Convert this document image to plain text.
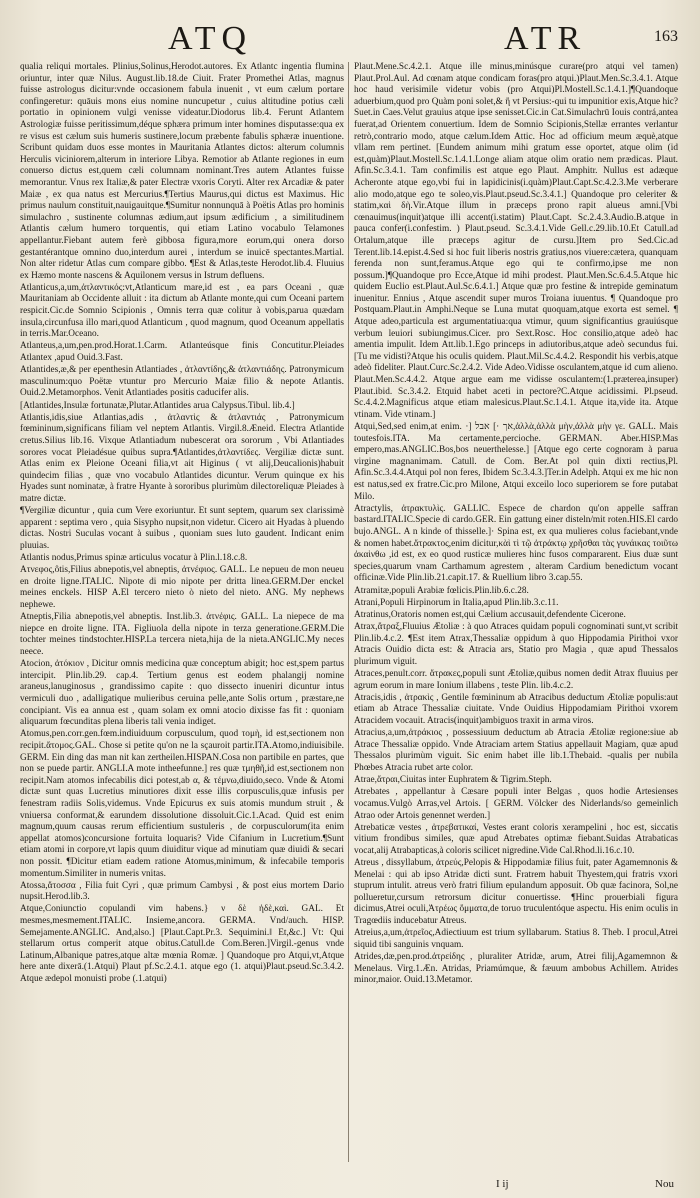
ATQ	ATR	163

qualia reliqui mortales. Plinius,Solinus,Herodot.autores. Ex Atlantc ingentia flumina oriuntur, inter quæ Nilus. August.lib.18.de Ciuit. Frater Promethei Atlas, magnus fuisse astrologus dicitur:vnde occasionem fabula inuenit , vt eum cælum portare confingeretur: quāuis mons eius nomine nuncupetur , cuius altitudine potius cæli portatio in opinionem vulgi venisse videatur.Diodorus lib.4. Ferunt Atlantem Astrologiæ fuisse peritissimum,déque sphæra primum inter homines disputasse:qua ex re visus est cælum suis humeris sustinere,locum præbente fabulis sphæræ inuentione. Scribunt quidam duos esse montes in Mauritania Atlantes dictos: alterum columnis Herculis viciniorem,alterum in interiore Libya. Remotior ab Atlante regiones in eum conuerso dictus est,quem cæli columnam nominant.Tres autem Atlantes fuisse memorantur. Vnus rex Italiæ,& pater Electræ vxoris Coryti. Alter rex Arcadiæ & pater Maiæ , ex qua natus est Mercurius.¶Tertius Maurus,qui dictus est Maximus. Hic primus naulum constituit,nauigauitque.¶Sumitur nonnunquā à Poëtis Atlas pro hominis simulachro , sustinente columnas ædium,aut ipsum ædificium , a similitudinem Atlantis cælum humero torquentis, qui etiam Latino vocabulo Telamones appellantur.Fiebant autem ferè gibbosa figura,more eorum,qui onera dorso gestantérantque omnino duo,interdum aurei , interdum se inuicē spectantes.Martial. Non alter ridetur Atlas cum compare gibbo. ¶Est & Atlas,teste Herodot.lib.4. Fluuius ex Hæmo monte nascens & Aquilonem versus in Istrum defluens.

Atlanticus,a,um,ἀτλαντικός:vt,Atlanticum mare,id est , ea pars Oceani , quæ Mauritaniam ab Occidente alluit : ita dictum ab Atlante monte,qui cum Oceani partem respicit.Cic.de Somnio Scipionis , Omnis terra quæ colitur à vobis,parua quædam insula,circunfusa illo mari,quod Atlanticum , quod magnum, quod Oceanum appellatis in terris.Mar.Oceano.

Atlanteus,a,um,pen.prod.Horat.1.Carm. Atlanteúsque finis Concutitur.Pleiades Atlantex ,apud Ouid.3.Fast.

Atlantides,æ,& per epenthesin Atlantiades , ἀτλαντίδης,& ἀτλαντιάδης. Patronymicum masculinum:quo Poëtæ vtuntur pro Mercurio Maiæ filio & nepote Atlantis. Ouid.2.Metamorphos. Venit Atlantiades positis caducifer alis.

[Atlantides,Insulæ fortunatæ,Plutar.Atlantides arua Calypsus.Tibul. lib.4.]

Atlantis,idis,siue Atlantias,adis , ἀτλαντὶς & ἀτλαντιάς , Patronymicum fœmininum,significans filiam vel neptem Atlantis. Virgil.8.Æneid. Electra Atlantide cretus.Silius lib.16. Vixque Atlantiadum nubescerat ora sororum , Vbi Atlantiades sorores vocat Pleiadésue quibus supra.¶Atlantides,ἀτλαντίδες. Vergiliæ dictæ sunt. Atlas enim ex Pleione Oceani filia,vt ait Higinus ( vt alij,Deucalionis)habuit quindecim filias , quæ vno vocabulo Atlantides dicuntur. Verum quinque ex his Hyades sunt nominatæ, à fratre Hyante à sororibus plurimùm dilectoreliquæ Pleiades à matre dictæ.

¶Vergiliæ dicuntur , quia cum Vere exoriuntur. Et sunt septem, quarum sex clarissimè apparent : septima vero , quia Sisypho nupsit,non videtur. Cicero ait Hyadas à pluendo dictas. Nostri Suculas vocant à suibus , quoniam sues luto gaudent. Indicant enim pluuias.

Atlantis nodus,Primus spinæ articulus vocatur à Plin.l.18.c.8.

Ατνεφος,ôtis,Filius abnepotis,vel abneptis, ἀτνέφιος. GALL. Le nepueu de mon neueu en droite ligne.ITALIC. Nipote di mio nipote per dritta linea.GERM.Der enckel meines enckels. HISP A.El tercero nieto ò nieto del nieto. ANG. My nephews nephewe.

Atneptis,Filia abnepotis,vel abneptis. Inst.lib.3. ἀτνέφις. GALL. La niepece de ma niepce en droite ligne. ITA. Figliuola della nipote in terza generatione.GERM.Die tochter meines tindstochter.HISP.La tercera nieta,hija de la nieta.ANGLIC.My neces neece.

Atocion, ἀτόκιον , Dicitur omnis medicina quæ conceptum abigit; hoc est,spem partus intercipit. Plin.lib.29. cap.4. Tertium genus est eodem phalangij nomine araneus,lanuginosus , grandissimo capite : quo dissecto inueniri dicuntur intus vermiculi duo , adalligatique mulieribus ceruina pelle,ante Solis ortum , præstare,ne concipiant. Vis ea annua est , quam solam ex omni atocio dixisse fas fit : quoniam aliquarum fœcunditas plena liberis tali venia indiget.

Atomus,pen.corr.gen.fœm.indiuiduum corpusculum, quod τομὴ, id est,sectionem non recipit.ἄτομος.GAL. Chose si petite qu'on ne la sçauroit partir.ITA.Atomo,indiuisibile. GERM. Ein ding das man nit kan zertheilen.HISPAN.Cosa non partibile en partes, que non se puede partir. ANGLI.A mote intheefunne.] res quæ τμηθῆ,id est,sectionem non recipit.Nam atomos infecabilis dici potest,ab α, & τέμνω,diuido,seco. Vnde & Atomi dictæ sunt quas Lucretius minutiores dixit esse illis corpusculis,quæ infusis per fenestram radiis Solis,videmus. Vnde Epicurus ex suis atomis mundum struit , & vniuersa conformat,& earundem dissolutione dissoluit.Cic.1.Acad. Quid est enim magnum,quum causas rerum efficientium sustuleris , de corpusculorum(ita enim appellat atomos)concursione fortuita loquaris? Vide Cifanium in Lucretium.¶Sunt etiam atomi in corpore,vt lapis quum diuiditur vique ad minutiam quæ diuidi & secari non possit. ¶Dicitur etiam eadem ratione Atomus,minimum, & infecabile temporis momentum.Similiter in numeris vnitas.

Atossa,ἄτοσσα , Filia fuit Cyri , quæ primum Cambysi , & post eius mortem Dario nupsit.Herod.lib.3.

Atque,Coniunctio copulandi vim habens.} ν δὲ ἠδὲ,καὶ. GAL. Et mesmes,mesmement.ITALIC. Insieme,ancora. GERMA. Vnd/auch. HISP. Semejamente.ANGLIC. And,also.] [Plaut.Capt.Pr.3. Sequimini.ǁ Et,&c.] Vt: Qui stellarum ortus comperit atque obitus.Catull.de Com.Beren.]Virgil.-genus vnde Latinum,Albanique patres,atque altæ mœnia Romæ. ] Quandoque pro Atqui,vt,Atque here ante dixerā.(1.Atqui) Plaut pf.Sc.2.4.1. atque ego (1. atqui)Plaut.pseud.Sc.3.4.2. Atque ædepol monuisti probe (.1.atqui)

Plaut.Mene.Sc.4.2.1. Atque ille minus,minúsque curare(pro atqui vel tamen) Plaut.Prol.Aul. Ad cœnam atque condicam foras(pro atqui.)Plaut.Men.Sc.3.4.1. Atque hoc haud verisimile videtur vobis (pro Atqui)Pl.Mostell.Sc.1.4.1.]¶Quandoque aduerbium,quod pro Quàm poni solet,& ἢ vt Persius:-qui tu impunitior exis,Atque hic? Suet.in Caes.Velut grauius atque ipse senisset.Cic.in Cat.Simulachrū Iouis contrá,antea fuerat,ad Orientem conuertium. Idem de Somnio Scipionis,Stellæ errantes verlantur retrò,contrario modo, atque cælum.Idem Attic. Hoc ad officium meum æquè,atque vllam rem pertinet. [Eundem animum mihi gratum esse oportet, atque olim (id est,quàm)Plaut.Mostell.Sc.1.4.1.Longe aliam atque olim oratio nem prædicas. Plaut. Afin.Sc.3.4.1. Tam confimilis est atque ego Plaut. Amphitr. Nullus est adæque Acheronte atque ego,vbi fui in lapidicinis(i.quàm)Plaut.Capt.Sc.4.2.3.Me verberare alio modo,atque ego te soleo,vis.Plaut.pseud.Sc.3.4.1.] Quandoque pro celeriter & statim,καὶ δὴ.Vir.Atque illum in præceps prono rapit alueus amni.[Vbi cœnauimus(inquit)atque illi accent(i.statim) Plaut.Capt. Sc.2.4.3.Audio.B.atque in pauca confer(i.confestim. ) Plaut.pseud. Sc.3.4.1.Vide Gell.c.29.lib.10.Et Catull.ad Ortalum,atque ille præceps agitur de cursu.]Item pro Sed.Cic.ad Terent.lib.14.epist.4.Sed si hoc fuit liberis nostris gratius,nos viuere:cætera, quanquam ferenda non sunt,feramus.Atque ego qui te confirmo,ipse me non possum.]¶Quandoque pro Ecce,Atque id mihi prodest. Plaut.Men.Sc.6.4.5.Atque hic quidem Euclio est.Plaut.Aul.Sc.6.4.1.] Atque quæ pro festine & intrepide geminatum inuenitur. Ennius , Atque ascendit super muros Troiana iuuentus. ¶ Quandoque pro Postquam.Plaut.in Amphi.Neque se Luna mutat quoquam,atque exorta est semel. ¶ Atque adeo,particula est argumentatiua:qua vtimur, quum significantius grauiúsque verbum leuiori subiungimus.Cicer. pro Sext.Rosc. Hoc consilio,atque adeò hac amentia impulit. Idem Att.lib.1.Ego princeps in adiutoribus,atque adeò secundus fui.[Tu me vidisti?Atque his oculis quidem. Plaut.Mil.Sc.4.4.2. Respondit his verbis,atque adeò fideliter. Plaut.Curc.Sc.2.4.2. Vide Adeo.Vidisse osculantem,atque id cum alieno. Plaut.Men.Sc.4.4.2. Atque argue eam me vidisse osculantem:(1.præterea,insuper) Plaut.ibid. Sc.3.4.2. Etquid habet aceti in pectore?C.Atque acidissimi. Pl.pseud. Sc.4.4.2.Magnificus atque etiam malesicus.Plaut.Sc.1.4.1. Atque ita,vide ita. Atque vtinam. Vide vtinam.]

Atqui,Sed,sed enim,at enim. ·] אך ·] אבל,ἀλλὰ,ἀλλὰ μὴν,ἀλλὰ μὴν γε. GALL. Mais toutesfois.ITA. Ma certamente,percioche. GERMAN. Aber.HISP.Mas empero,mas.ANGLIC.Bos,bos neuerthelesse.] [Atque ego certe cognoram à parua virgine magnanimam. Catull. de Com. Ber.At pol quin dixti rectius,Pl. Afin.Sc.3.4.4.Atqui pol non feres, Ibidem Sc.3.4.3.]Ter.in Adelph. Atqui ex me hic non est natus,sed ex fratre.Cic.pro Milone, Atqui exceilo loco superiorem se fore putabat Milo.

Atractylis, ἀτρακτυλὶς. GALLIC. Espece de chardon qu'on appelle saffran bastard.ITALIC.Specie di cardo.GER. Ein gattung einer disteln/mit roten.HIS.El cardo bujo.ANGL. A n kinde of thisselle.]· Spina est, ex qua mulieres colus faciebant,vnde & nomen habet.ἄτρακτος,enim dicitur,κὰὶ τὶ τῷ ἀτράκτῳ χρῆσθαι τὰς γυνάικας τοιῦτω ἀκαὶνθω ,id est, ex eo quod rusticæ mulieres hinc fusos compararent. Eius duæ sunt species,quarum vnam Carthamum agrestem , alteram Cardium benedictum vocant officinæ.Vide Plin.lib.21.capit.17. & Ruellium libro 3.cap.55.

Atramitæ,populi Arabiæ fœlicis.Plin.lib.6.c.28.

Atrani,Populi Hirpinorum in Italia,apud Plin.lib.3.c.11.

Atratinus,Oratoris nomen est,qui Cælium accusauit,defendente Cicerone.

Atrax,ἄτραξ,Fluuius Ætoliæ : à quo Atraces quidam populi cognominati sunt,vt scribit Plin.lib.4.c.2. ¶Est item Atrax,Thessaliæ oppidum à quo Hippodamia Pirithoi vxor Atracis Ouidio dicta est: & Atracia ars, Statio pro Magia , quæ apud Thessalos plurimum viguit.

Atraces,penult.corr. ἄτρακες,populi sunt Ætoliæ,quibus nomen dedit Atrax fluuius per agrum eorum in mare Ionium illabens , teste Plin. lib.4.c.2.

Atracis,idis , ἀτρακὶς , Gentile fœmininum ab Atracibus deductum Ætoliæ populis:aut etiam ab Atrace Thessaliæ ciuitate. Vnde Ouidius Hippodamiam Pirithoi vxorem Atracidem vocauit. Atracis(inquit)ambiguos traxit in arma viros.

Atracius,a,um,ἀτράκιος , possessiuum deductum ab Atracia Ætoliæ regione:siue ab Atrace Thessaliæ oppido. Vnde Atraciam artem Statius appellauit Magiam, quæ apud Thessalos plurimùm viguit. Sic enim habet ille lib.1.Thebaid. -qualis per nubila Phœbes Atracia rubet arte color.

Atrae,ἄτραι,Ciuitas inter Euphratem & Tigrim.Steph.

Atrebates , appellantur à Cæsare populi inter Belgas , quos hodie Artesienses vocamus.Vulgò Arras,vel Artois. [ GERM. Völcker des Niderlands/so gemeinlich Atrao oder Artois genennet werden.]

Atrebaticæ vestes , ἀτρεβατικαί, Vestes erant coloris xerampelini , hoc est, siccatis vitium frondibus similes, quæ apud Atrebates optimæ fiebant.Suidas Atrabaticas vocat,alij Atrabapticas,à coloris scilicet nigredine.Vide Cal.Rhod.li.16.c.10.

Atreus , dissyllabum, ἀτρεύς,Pelopis & Hippodamiæ filius fuit, pater Agamemnonis & Menelai : qui ab ipso Atridæ dicti sunt. Fratrem habuit Thyestem,qui fratris vxori stuprum intulit. atreus verò fratri filium epulandum apposuit. Ob quæ facinora, Sol,ne pollueretur,cursum retrorsum dicitur conuertisse. ¶Hinc prouerbiali figura dicimus,Atrei oculi,Ἀτρέως ὄμματα,de toruo truculentóque aspectu. His enim oculis in Tragœdiis inducebatur Atreus.

Atreius,a,um,ἀτρεῖος,Adiectiuum est trium syllabarum. Statius 8. Theb. I procul,Atrei siquid tibi sanguinis vnquam.

Atrides,dæ,pen.prod.ἀτρείδης , pluraliter Atridæ, arum, Atrei filij,Agamemnon & Menelaus. Virg.1.Æn. Atridas, Priamúmque, & fæuum ambobus Achillem. Atrides minor,maior. Ouid.13.Metamor.

I ij	Nou
